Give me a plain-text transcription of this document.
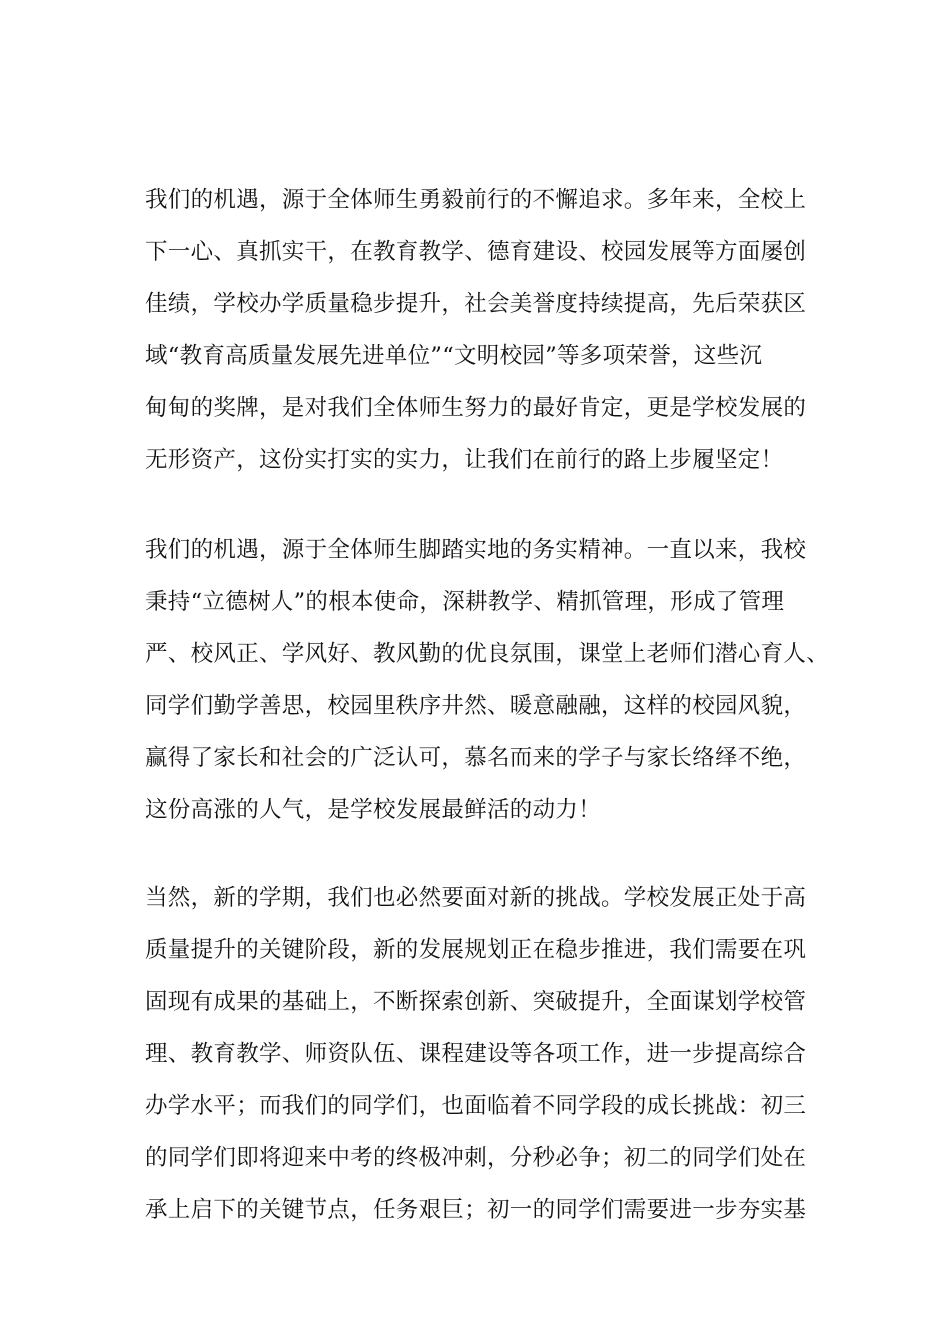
我们的机遇，源于全体师生勇毅前行的不懈追求。多年来，全校上
下一心、真抓实干，在教育教学、德育建设、校园发展等方面屡创
佳绩，学校办学质量稳步提升，社会美誉度持续提高，先后荣获区
域“教育高质量发展先进单位”“文明校园”等多项荣誉，这些沉
甸甸的奖牌，是对我们全体师生努力的最好肯定，更是学校发展的
无形资产，这份实打实的实力，让我们在前行的路上步履坚定！
我们的机遇，源于全体师生脚踏实地的务实精神。一直以来，我校
秉持“立德树人”的根本使命，深耕教学、精抓管理，形成了管理
严、校风正、学风好、教风勤的优良氛围，课堂上老师们潜心育人、
同学们勤学善思，校园里秩序井然、暖意融融，这样的校园风貌，
赢得了家长和社会的广泛认可，慕名而来的学子与家长络绎不绝，
这份高涨的人气，是学校发展最鲜活的动力！
当然，新的学期，我们也必然要面对新的挑战。学校发展正处于高
质量提升的关键阶段，新的发展规划正在稳步推进，我们需要在巩
固现有成果的基础上，不断探索创新、突破提升，全面谋划学校管
理、教育教学、师资队伍、课程建设等各项工作，进一步提高综合
办学水平；而我们的同学们，也面临着不同学段的成长挑战：初三
的同学们即将迎来中考的终极冲刺，分秒必争；初二的同学们处在
承上启下的关键节点，任务艰巨；初一的同学们需要进一步夯实基
